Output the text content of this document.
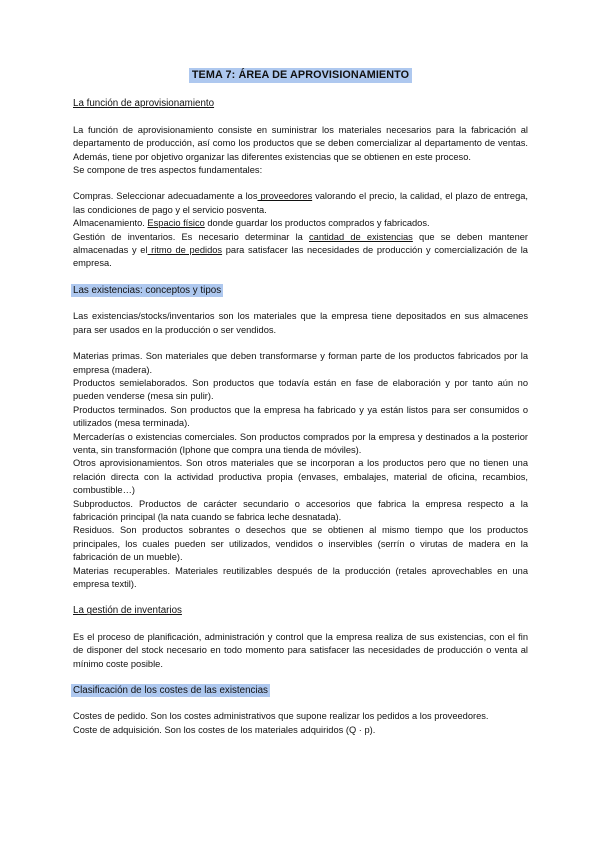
TEMA 7: ÁREA DE APROVISIONAMIENTO
La función de aprovisionamiento

La función de aprovisionamiento consiste en suministrar los materiales necesarios para la fabricación al departamento de producción, así como los productos que se deben comercializar al departamento de ventas. Además, tiene por objetivo organizar las diferentes existencias que se obtienen en este proceso.

Se compone de tres aspectos fundamentales:

Compras. Seleccionar adecuadamente a los proveedores valorando el precio, la calidad, el plazo de entrega, las condiciones de pago y el servicio posventa.

Almacenamiento. Espacio físico donde guardar los productos comprados y fabricados.

Gestión de inventarios. Es necesario determinar la cantidad de existencias que se deben mantener almacenadas y el ritmo de pedidos para satisfacer las necesidades de producción y comercialización de la empresa.

Las existencias: conceptos y tipos

Las existencias/stocks/inventarios son los materiales que la empresa tiene depositados en sus almacenes para ser usados en la producción o ser vendidos.

Materias primas. Son materiales que deben transformarse y forman parte de los productos fabricados por la empresa (madera).

Productos semielaborados. Son productos que todavía están en fase de elaboración y por tanto aún no pueden venderse (mesa sin pulir).

Productos terminados. Son productos que la empresa ha fabricado y ya están listos para ser consumidos o utilizados (mesa terminada).

Mercaderías o existencias comerciales. Son productos comprados por la empresa y destinados a la posterior venta, sin transformación (Iphone que compra una tienda de móviles).

Otros aprovisionamientos. Son otros materiales que se incorporan a los productos pero que no tienen una relación directa con la actividad productiva propia (envases, embalajes, material de oficina, recambios, combustible…)

Subproductos. Productos de carácter secundario o accesorios que fabrica la empresa respecto a la fabricación principal (la nata cuando se fabrica leche desnatada).

Residuos. Son productos sobrantes o desechos que se obtienen al mismo tiempo que los productos principales, los cuales pueden ser utilizados, vendidos o inservibles (serrín o virutas de madera en la fabricación de un mueble).

Materias recuperables. Materiales reutilizables después de la producción (retales aprovechables en una empresa textil).

La gestión de inventarios

Es el proceso de planificación, administración y control que la empresa realiza de sus existencias, con el fin de disponer del stock necesario en todo momento para satisfacer las necesidades de producción o venta al mínimo coste posible.

Clasificación de los costes de las existencias

Costes de pedido. Son los costes administrativos que supone realizar los pedidos a los proveedores.

Coste de adquisición. Son los costes de los materiales adquiridos (Q · p).
